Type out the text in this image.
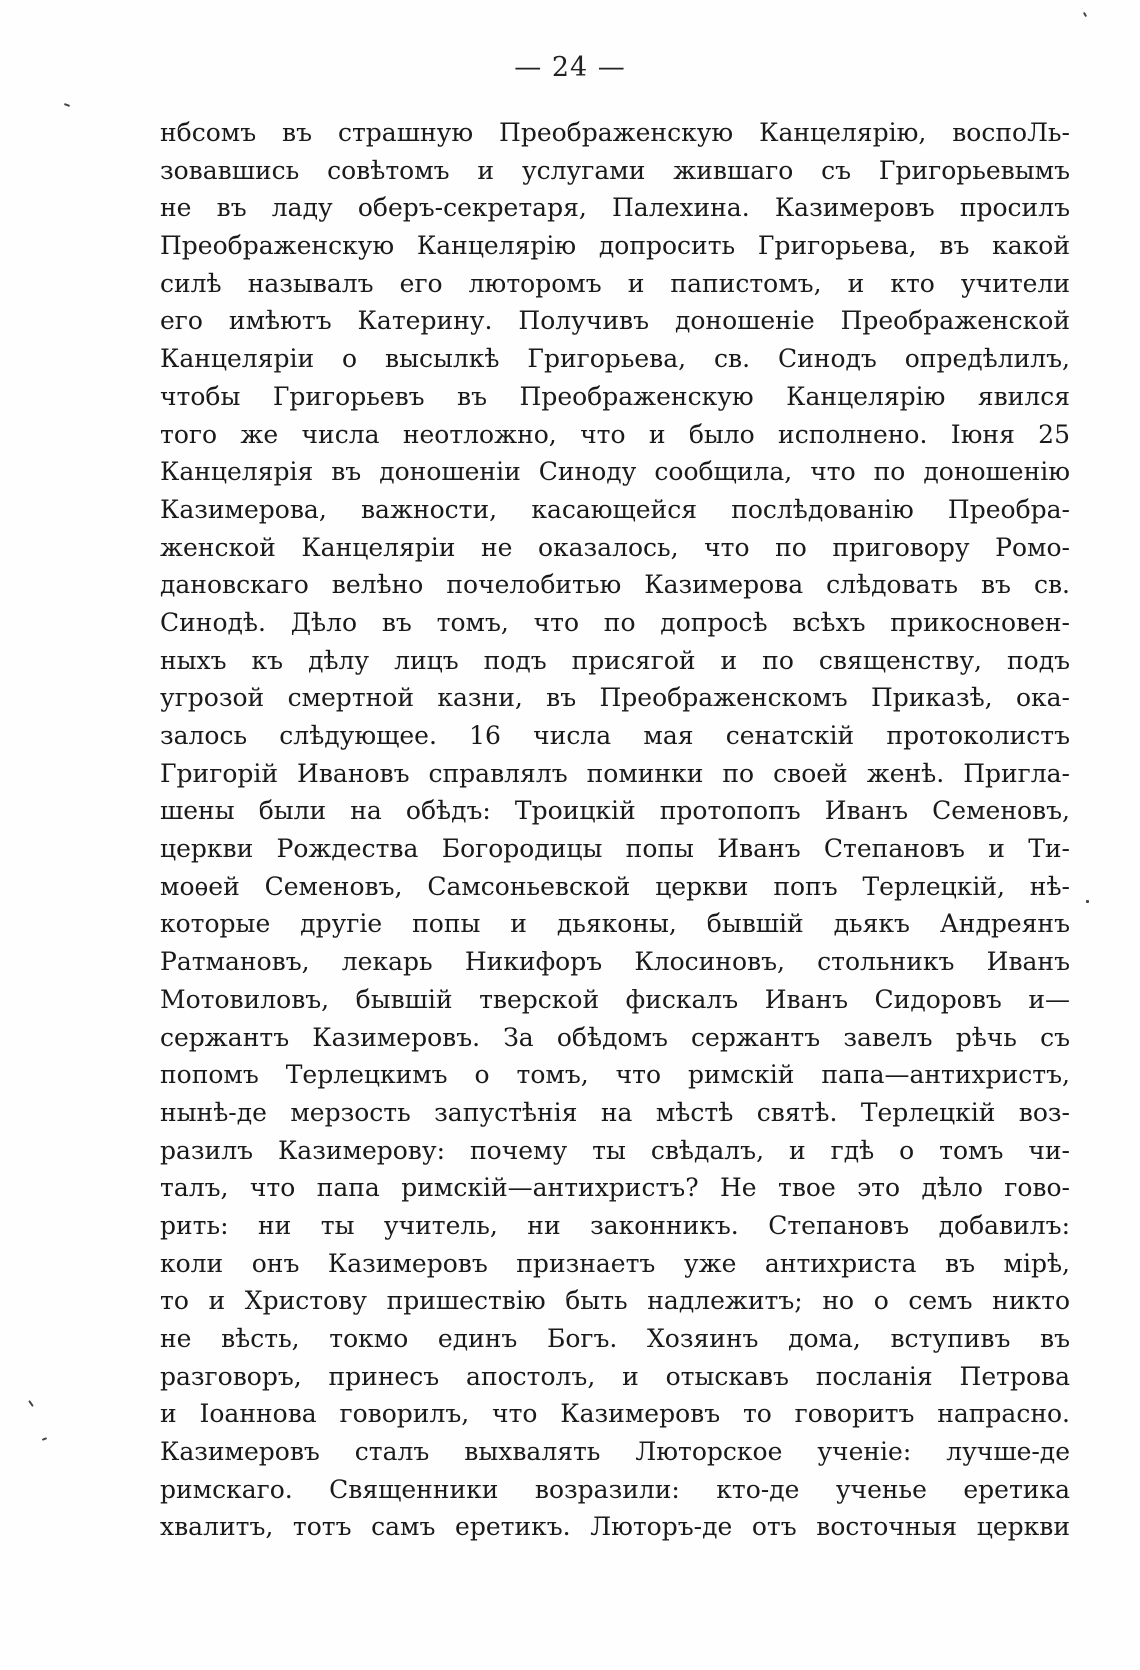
— 24 —
нбсомъ въ страшную Преображенскую Канцелярію, воспоЛь-
зовавшись совѣтомъ и услугами жившаго съ Григорьевымъ
не въ ладу оберъ-секретаря, Палехина. Казимеровъ просилъ
Преображенскую Канцелярію допросить Григорьева, въ какой
силѣ называлъ его люторомъ и папистомъ, и кто учители
его имѣютъ Катерину. Получивъ доношеніе Преображенской
Канцеляріи о высылкѣ Григорьева, св. Синодъ опредѣлилъ,
чтобы Григорьевъ въ Преображенскую Канцелярію явился
того же числа неотложно, что и было исполнено. Іюня 25
Канцелярія въ доношеніи Синоду сообщила, что по доношенію
Казимерова, важности, касающейся послѣдованію Преобра-
женской Канцеляріи не оказалось, что по приговору Ромо-
дановскаго велѣно почелобитью Казимерова слѣдовать въ св.
Синодѣ. Дѣло въ томъ, что по допросѣ всѣхъ прикосновен-
ныхъ къ дѣлу лицъ подъ присягой и по священству, подъ
угрозой смертной казни, въ Преображенскомъ Приказѣ, ока-
залось слѣдующее. 16 числа мая сенатскій протоколистъ
Григорій Ивановъ справлялъ поминки по своей женѣ. Пригла-
шены были на обѣдъ: Троицкій протопопъ Иванъ Семеновъ,
церкви Рождества Богородицы попы Иванъ Степановъ и Ти-
моѳей Семеновъ, Самсоньевской церкви попъ Терлецкій, нѣ-
которые другіе попы и дьяконы, бывшій дьякъ Андреянъ
Ратмановъ, лекарь Никифоръ Клосиновъ, стольникъ Иванъ
Мотовиловъ, бывшій тверской фискалъ Иванъ Сидоровъ и—
сержантъ Казимеровъ. За обѣдомъ сержантъ завелъ рѣчь съ
попомъ Терлецкимъ о томъ, что римскій папа—антихристъ,
нынѣ-де мерзость запустѣнія на мѣстѣ святѣ. Терлецкій воз-
разилъ Казимерову: почему ты свѣдалъ, и гдѣ о томъ чи-
талъ, что папа римскій—антихристъ? Не твое это дѣло гово-
рить: ни ты учитель, ни законникъ. Степановъ добавилъ:
коли онъ Казимеровъ признаетъ уже антихриста въ мірѣ,
то и Христову пришествію быть надлежитъ; но о семъ никто
не вѣсть, токмо единъ Богъ. Хозяинъ дома, вступивъ въ
разговоръ, принесъ апостолъ, и отыскавъ посланія Петрова
и Іоаннова говорилъ, что Казимеровъ то говоритъ напрасно.
Казимеровъ сталъ выхвалять Люторское ученіе: лучше-де
римскаго. Священники возразили: кто-де ученье еретика
хвалитъ, тотъ самъ еретикъ. Люторъ-де отъ восточныя церкви
